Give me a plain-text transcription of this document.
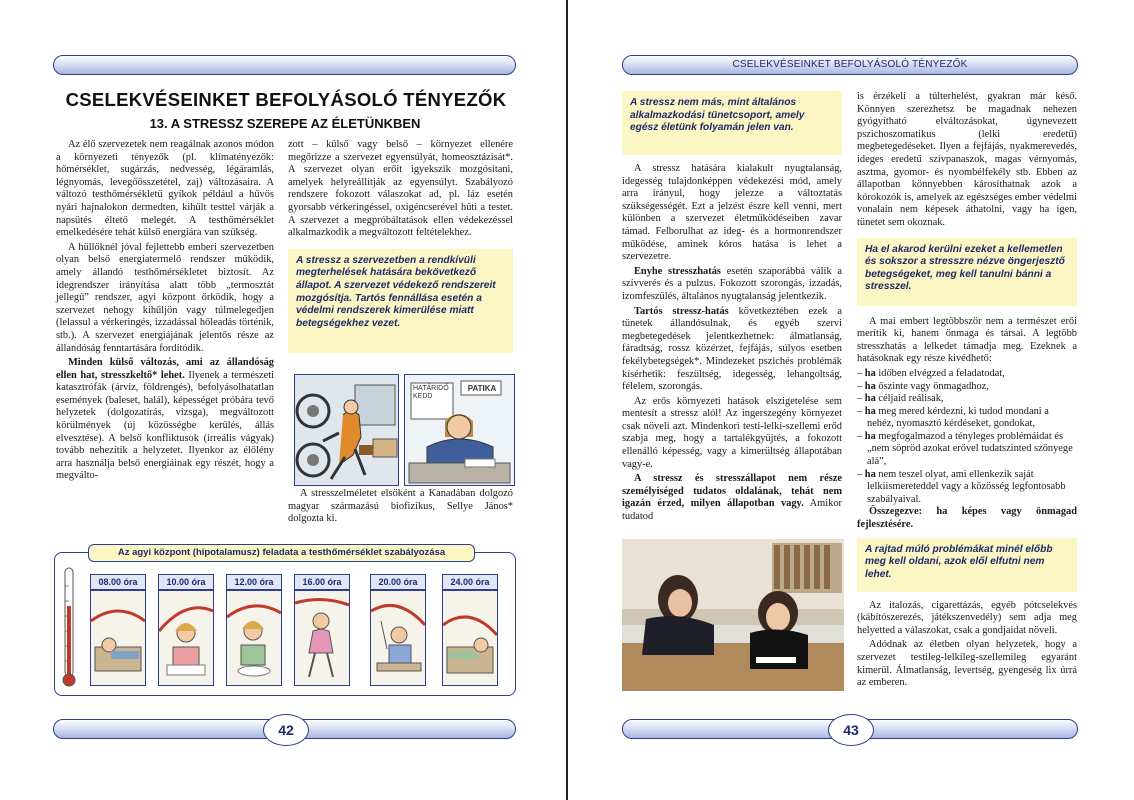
CSELEKVÉSEINKET BEFOLYÁSOLÓ TÉNYEZŐK
13. A STRESSZ SZEREPE AZ ÉLETÜNKBEN

Az élő szervezetek nem reagálnak azonos módon a környezeti tényezők (pl. klímatényezők: hőmérséklet, sugárzás, nedvesség, légáramlás, légnyomás, levegőösszetétel, zaj) változásaira. A változó testhőmérsékletű gyíkok például a hűvös nyári hajnalokon dermedten, kihűlt testtel várják a napsütés éltető melegét. A testhőmérséklet emelkedésére tehát külső energiára van szükség.

A hüllőknél jóval fejlettebb emberi szervezetben olyan belső energiatermelő rendszer működik, amely állandó testhőmérsékletet biztosít. Az idegrendszer irányítása alatt több „termosztát jellegű” rendszer, agyi központ őrködik, hogy a szervezet nehogy kihűljön vagy túlmelegedjen (lelassul a vérkeringés, izzadással hőleadás történik, stb.). A szervezet energiájának jelentős része az állandóság fenntartására fordítódik.

Minden külső változás, ami az állandóság ellen hat, stresszkeltő* lehet. Ilyenek a természeti katasztrófák (árvíz, földrengés), befolyásolhatatlan események (baleset, halál), képességet próbára tevő helyzetek (dolgozatírás, vizsga), megváltozott körülmények (új közösségbe kerülés, állás elvesztése). A belső konfliktusok (irreális vágyak) tovább nehezítik a helyzetet. Ilyenkor az élőlény arra használja belső energiáinak egy részét, hogy a megválto-

zott – külső vagy belső – környezet ellenére megőrizze a szervezet egyensúlyát, homeosztázisát*. A szervezet olyan erőit igyekszik mozgósítani, amelyek helyreállítják az egyensúlyt. Szabályozó rendszere fokozott válaszokat ad, pl. láz esetén gyorsabb vérkeringéssel, oxigéncserével hűti a testet. A szervezet a megpróbáltatások ellen védekezéssel alkalmazkodik a megváltozott feltételekhez.

A stressz a szervezetben a rendkívüli megterhelések hatására bekövetkező állapot. A szervezet védekező rendszereit mozgósítja. Tartós fennállása esetén a védelmi rendszerek kimerülése miatt betegségekhez vezet.
HATÁRIDŐ KEDD
PATIKA

A stresszelméletet elsőként a Kanadában dolgozó magyar származású biofizikus, Sellye János* dolgozta ki.

Az agyi központ (hipotalamusz) feladata a testhőmérséklet szabályozása
08.00 óra	10.00 óra	12.00 óra	16.00 óra	20.00 óra	24.00 óra
42
CSELEKVÉSEINKET BEFOLYÁSOLÓ TÉNYEZŐK
A stressz nem más, mint általános alkalmazkodási tünetcsoport, amely egész életünk folyamán jelen van.

A stressz hatására kialakult nyugtalanság, idegesség tulajdonképpen védekezési mód, amely arra irányul, hogy jelezze a változtatás szükségességét. Ezt a jelzést észre kell venni, mert különben a szervezet életműködéseiben zavar támad. Felborulhat az ideg- és a hormonrendszer működése, aminek kóros hatása is lehet a szervezetre.

Enyhe stresszhatás esetén szaporábbá válik a szívverés és a pulzus. Fokozott szorongás, izzadás, izomfeszülés, általános nyugtalanság jelentkezik.

Tartós stressz-hatás következtében ezek a tünetek állandósulnak, és egyéb szervi megbetegedések jelentkezhetnek: álmatlanság, fáradtság, rossz közérzet, fejfájás, súlyos esetben fekélybetegségek*. Mindezeket pszichés problémák kísérhetik: feszültség, idegesség, lehangoltság, félelem, szorongás.

Az erős környezeti hatások elszigetelése sem mentesít a stressz alól! Az ingerszegény környezet csak növeli azt. Mindenkori testi-lelki-szellemi erőd szabja meg, hogy a tartalékgyűjtés, a fokozott ellenálló képesség, vagy a kimerültség állapotában vagy-e.

A stressz és stresszállapot nem része személyiséged tudatos oldalának, tehát nem igazán érzed, milyen állapotban vagy. Amikor tudatod

is érzékeli a túlterhelést, gyakran már késő. Könnyen szerezhetsz be magadnak nehezen gyógyítható elváltozásokat, úgynevezett pszichoszomatikus (lelki eredetű) megbetegedéseket. Ilyen a fejfájás, nyakmerevedés, ideges eredetű szívpanaszok, magas vérnyomás, asztma, gyomor- és nyombélfekély stb. Ebben az állapotban könnyebben károsíthatnak azok a kórokozók is, amelyek az egészséges ember védelmi vonalain nem képesek áthatolni, vagy ha igen, tünetet sem okoznak.

Ha el akarod kerülni ezeket a kellemetlen és sokszor a stresszre nézve öngerjesztő betegségeket, meg kell tanulni bánni a stresszel.

A mai embert legtöbbször nem a természet erői merítik ki, hanem önmaga és társai. A legtöbb stresszhatás a lelkedet támadja meg. Ezeknek a hatásoknak egy része kivédhető:

– ha időben elvégzed a feladatodat,
– ha őszinte vagy önmagadhoz,
– ha céljaid reálisak,
– ha meg mered kérdezni, ki tudod mondani a nehéz, nyomasztó kérdéseket, gondokat,
– ha megfogalmazod a tényleges problémáidat és „nem söpröd azokat erővel tudatszinted szőnyege alá”,
– ha nem teszel olyat, ami ellenkezik saját lelkiismereteddel vagy a közösség legfontosabb szabályaival.

Összegezve: ha képes vagy önmagad fejlesztésére.

A rajtad múló problémákat minél előbb meg kell oldani, azok elől elfutni nem lehet.

Az italozás, cigarettázás, egyéb pótcselekvés (kábítószerezés, játékszenvedély) sem adja meg helyetted a válaszokat, csak a gondjaidat növeli.

Adódnak az életben olyan helyzetek, hogy a szervezet testileg-lelkileg-szellemileg egyaránt kimerül. Álmatlanság, levertség, gyengeség lix úrrá az emberen.

43
